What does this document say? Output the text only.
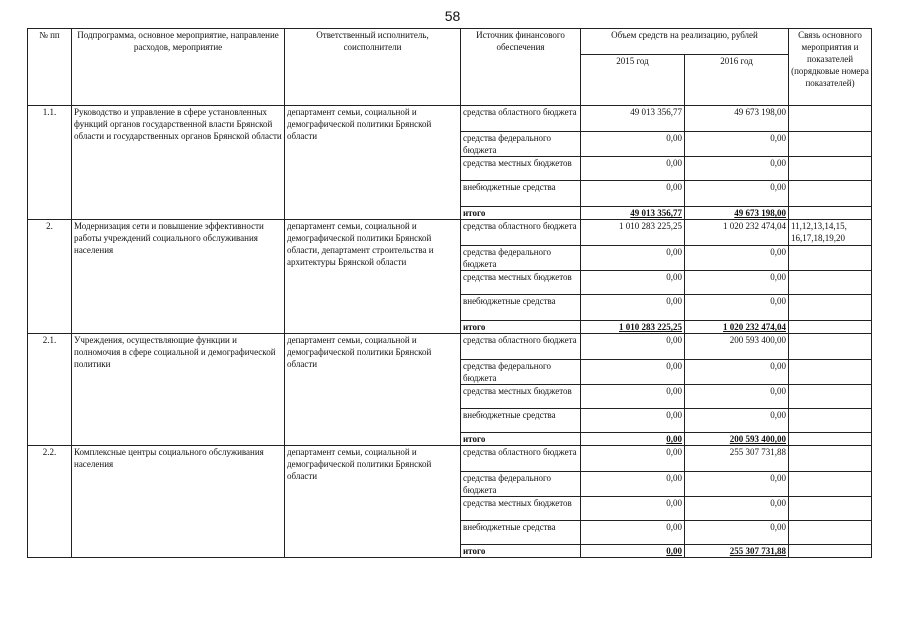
58
№ пп	Подпрограмма, основное мероприятие, направление расходов, мероприятие	Ответственный исполнитель, соисполнители	Источник финансового обеспечения	Объем средств на реализацию, рублей		Связь основного мероприятия и показателей (порядковые номера показателей)
				2015 год	2016 год	
1.1.	Руководство и управление в сфере установленных функций органов государственной власти Брянской области и государственных органов Брянской области	департамент семьи, социальной и демографической политики Брянской области	средства областного бюджета	49 013 356,77	49 673 198,00	
			средства федерального бюджета	0,00	0,00	
			средства местных бюджетов	0,00	0,00	
			внебюджетные средства	0,00	0,00	
			итого	49 013 356,77	49 673 198,00	
2.	Модернизация сети и повышение эффективности работы учреждений социального обслуживания населения	департамент семьи, социальной и демографической политики Брянской области, департамент строительства и архитектуры Брянской области	средства областного бюджета	1 010 283 225,25	1 020 232 474,04	11,12,13,14,15, 16,17,18,19,20
			средства федерального бюджета	0,00	0,00	
			средства местных бюджетов	0,00	0,00	
			внебюджетные средства	0,00	0,00	
			итого	1 010 283 225,25	1 020 232 474,04	
2.1.	Учреждения, осуществляющие функции и полномочия в сфере социальной и демографической политики	департамент семьи, социальной и демографической политики Брянской области	средства областного бюджета	0,00	200 593 400,00	
			средства федерального бюджета	0,00	0,00	
			средства местных бюджетов	0,00	0,00	
			внебюджетные средства	0,00	0,00	
			итого	0,00	200 593 400,00	
2.2.	Комплексные центры социального обслуживания населения	департамент семьи, социальной и демографической политики Брянской области	средства областного бюджета	0,00	255 307 731,88	
			средства федерального бюджета	0,00	0,00	
			средства местных бюджетов	0,00	0,00	
			внебюджетные средства	0,00	0,00	
			итого	0,00	255 307 731,88	
